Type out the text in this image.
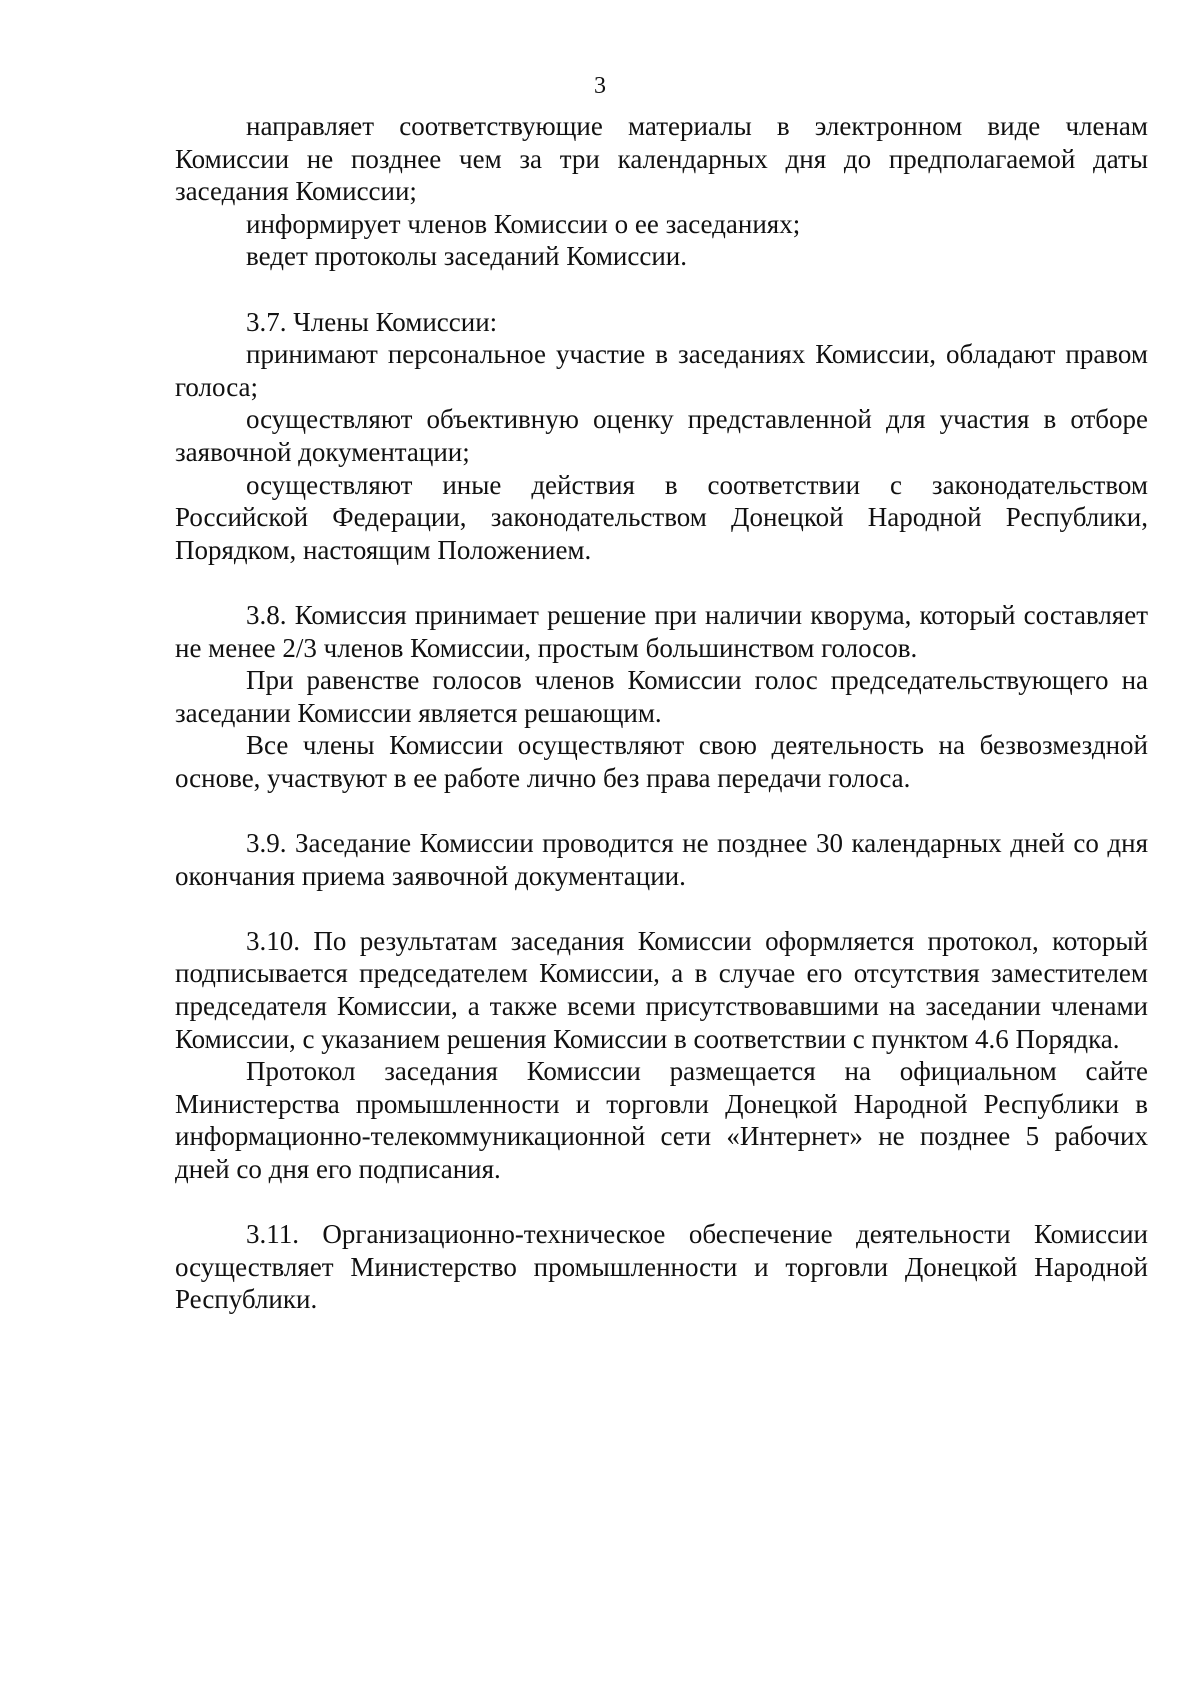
3

направляет соответствующие материалы в электронном виде членам Комиссии не позднее чем за три календарных дня до предполагаемой даты заседания Комиссии;

информирует членов Комиссии о ее заседаниях;

ведет протоколы заседаний Комиссии.

3.7. Члены Комиссии:

принимают персональное участие в заседаниях Комиссии, обладают правом голоса;

осуществляют объективную оценку представленной для участия в отборе заявочной документации;

осуществляют иные действия в соответствии с законодательством Российской Федерации, законодательством Донецкой Народной Республики, Порядком, настоящим Положением.

3.8. Комиссия принимает решение при наличии кворума, который составляет не менее 2/3 членов Комиссии, простым большинством голосов.

При равенстве голосов членов Комиссии голос председательствующего на заседании Комиссии является решающим.

Все члены Комиссии осуществляют свою деятельность на безвозмездной основе, участвуют в ее работе лично без права передачи голоса.

3.9. Заседание Комиссии проводится не позднее 30 календарных дней со дня окончания приема заявочной документации.

3.10. По результатам заседания Комиссии оформляется протокол, который подписывается председателем Комиссии, а в случае его отсутствия заместителем председателя Комиссии, а также всеми присутствовавшими на заседании членами Комиссии, с указанием решения Комиссии в соответствии с пунктом 4.6 Порядка.

Протокол заседания Комиссии размещается на официальном сайте Министерства промышленности и торговли Донецкой Народной Республики в информационно-телекоммуникационной сети «Интернет» не позднее 5 рабочих дней со дня его подписания.

3.11. Организационно-техническое обеспечение деятельности Комиссии осуществляет Министерство промышленности и торговли Донецкой Народной Республики.
